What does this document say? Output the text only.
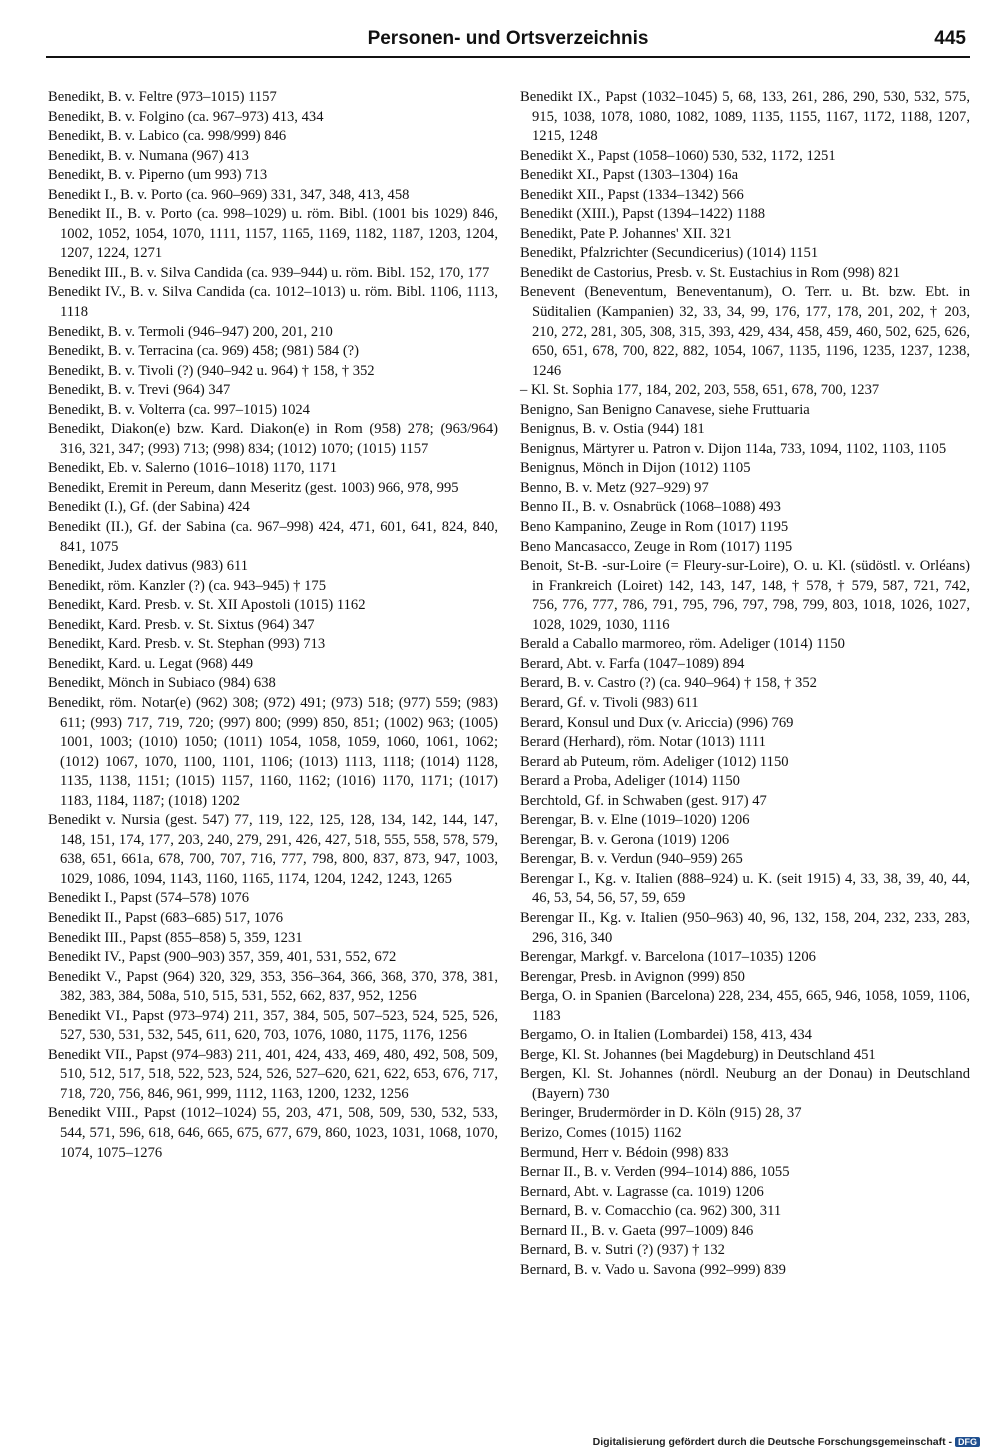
Personen- und Ortsverzeichnis	445

Benedikt, B. v. Feltre (973–1015) 1157

Benedikt, B. v. Folgino (ca. 967–973) 413, 434

Benedikt, B. v. Labico (ca. 998/999) 846

Benedikt, B. v. Numana (967) 413

Benedikt, B. v. Piperno (um 993) 713

Benedikt I., B. v. Porto (ca. 960–969) 331, 347, 348, 413, 458

Benedikt II., B. v. Porto (ca. 998–1029) u. röm. Bibl. (1001 bis 1029) 846, 1002, 1052, 1054, 1070, 1111, 1157, 1165, 1169, 1182, 1187, 1203, 1204, 1207, 1224, 1271

Benedikt III., B. v. Silva Candida (ca. 939–944) u. röm. Bibl. 152, 170, 177

Benedikt IV., B. v. Silva Candida (ca. 1012–1013) u. röm. Bibl. 1106, 1113, 1118

Benedikt, B. v. Termoli (946–947) 200, 201, 210

Benedikt, B. v. Terracina (ca. 969) 458; (981) 584 (?)

Benedikt, B. v. Tivoli (?) (940–942 u. 964) † 158, † 352

Benedikt, B. v. Trevi (964) 347

Benedikt, B. v. Volterra (ca. 997–1015) 1024

Benedikt, Diakon(e) bzw. Kard. Diakon(e) in Rom (958) 278; (963/964) 316, 321, 347; (993) 713; (998) 834; (1012) 1070; (1015) 1157

Benedikt, Eb. v. Salerno (1016–1018) 1170, 1171

Benedikt, Eremit in Pereum, dann Meseritz (gest. 1003) 966, 978, 995

Benedikt (I.), Gf. (der Sabina) 424

Benedikt (II.), Gf. der Sabina (ca. 967–998) 424, 471, 601, 641, 824, 840, 841, 1075

Benedikt, Judex dativus (983) 611

Benedikt, röm. Kanzler (?) (ca. 943–945) † 175

Benedikt, Kard. Presb. v. St. XII Apostoli (1015) 1162

Benedikt, Kard. Presb. v. St. Sixtus (964) 347

Benedikt, Kard. Presb. v. St. Stephan (993) 713

Benedikt, Kard. u. Legat (968) 449

Benedikt, Mönch in Subiaco (984) 638

Benedikt, röm. Notar(e) (962) 308; (972) 491; (973) 518; (977) 559; (983) 611; (993) 717, 719, 720; (997) 800; (999) 850, 851; (1002) 963; (1005) 1001, 1003; (1010) 1050; (1011) 1054, 1058, 1059, 1060, 1061, 1062; (1012) 1067, 1070, 1100, 1101, 1106; (1013) 1113, 1118; (1014) 1128, 1135, 1138, 1151; (1015) 1157, 1160, 1162; (1016) 1170, 1171; (1017) 1183, 1184, 1187; (1018) 1202

Benedikt v. Nursia (gest. 547) 77, 119, 122, 125, 128, 134, 142, 144, 147, 148, 151, 174, 177, 203, 240, 279, 291, 426, 427, 518, 555, 558, 578, 579, 638, 651, 661a, 678, 700, 707, 716, 777, 798, 800, 837, 873, 947, 1003, 1029, 1086, 1094, 1143, 1160, 1165, 1174, 1204, 1242, 1243, 1265

Benedikt I., Papst (574–578) 1076

Benedikt II., Papst (683–685) 517, 1076

Benedikt III., Papst (855–858) 5, 359, 1231

Benedikt IV., Papst (900–903) 357, 359, 401, 531, 552, 672

Benedikt V., Papst (964) 320, 329, 353, 356–364, 366, 368, 370, 378, 381, 382, 383, 384, 508a, 510, 515, 531, 552, 662, 837, 952, 1256

Benedikt VI., Papst (973–974) 211, 357, 384, 505, 507–523, 524, 525, 526, 527, 530, 531, 532, 545, 611, 620, 703, 1076, 1080, 1175, 1176, 1256

Benedikt VII., Papst (974–983) 211, 401, 424, 433, 469, 480, 492, 508, 509, 510, 512, 517, 518, 522, 523, 524, 526, 527–620, 621, 622, 653, 676, 717, 718, 720, 756, 846, 961, 999, 1112, 1163, 1200, 1232, 1256

Benedikt VIII., Papst (1012–1024) 55, 203, 471, 508, 509, 530, 532, 533, 544, 571, 596, 618, 646, 665, 675, 677, 679, 860, 1023, 1031, 1068, 1070, 1074, 1075–1276

Benedikt IX., Papst (1032–1045) 5, 68, 133, 261, 286, 290, 530, 532, 575, 915, 1038, 1078, 1080, 1082, 1089, 1135, 1155, 1167, 1172, 1188, 1207, 1215, 1248

Benedikt X., Papst (1058–1060) 530, 532, 1172, 1251

Benedikt XI., Papst (1303–1304) 16a

Benedikt XII., Papst (1334–1342) 566

Benedikt (XIII.), Papst (1394–1422) 1188

Benedikt, Pate P. Johannes' XII. 321

Benedikt, Pfalzrichter (Secundicerius) (1014) 1151

Benedikt de Castorius, Presb. v. St. Eustachius in Rom (998) 821

Benevent (Beneventum, Beneventanum), O. Terr. u. Bt. bzw. Ebt. in Süditalien (Kampanien) 32, 33, 34, 99, 176, 177, 178, 201, 202, † 203, 210, 272, 281, 305, 308, 315, 393, 429, 434, 458, 459, 460, 502, 625, 626, 650, 651, 678, 700, 822, 882, 1054, 1067, 1135, 1196, 1235, 1237, 1238, 1246

– Kl. St. Sophia 177, 184, 202, 203, 558, 651, 678, 700, 1237

Benigno, San Benigno Canavese, siehe Fruttuaria

Benignus, B. v. Ostia (944) 181

Benignus, Märtyrer u. Patron v. Dijon 114a, 733, 1094, 1102, 1103, 1105

Benignus, Mönch in Dijon (1012) 1105

Benno, B. v. Metz (927–929) 97

Benno II., B. v. Osnabrück (1068–1088) 493

Beno Kampanino, Zeuge in Rom (1017) 1195

Beno Mancasacco, Zeuge in Rom (1017) 1195

Benoit, St-B. -sur-Loire (= Fleury-sur-Loire), O. u. Kl. (südöstl. v. Orléans) in Frankreich (Loiret) 142, 143, 147, 148, † 578, † 579, 587, 721, 742, 756, 776, 777, 786, 791, 795, 796, 797, 798, 799, 803, 1018, 1026, 1027, 1028, 1029, 1030, 1116

Berald a Caballo marmoreo, röm. Adeliger (1014) 1150

Berard, Abt. v. Farfa (1047–1089) 894

Berard, B. v. Castro (?) (ca. 940–964) † 158, † 352

Berard, Gf. v. Tivoli (983) 611

Berard, Konsul und Dux (v. Ariccia) (996) 769

Berard (Herhard), röm. Notar (1013) 1111

Berard ab Puteum, röm. Adeliger (1012) 1150

Berard a Proba, Adeliger (1014) 1150

Berchtold, Gf. in Schwaben (gest. 917) 47

Berengar, B. v. Elne (1019–1020) 1206

Berengar, B. v. Gerona (1019) 1206

Berengar, B. v. Verdun (940–959) 265

Berengar I., Kg. v. Italien (888–924) u. K. (seit 1915) 4, 33, 38, 39, 40, 44, 46, 53, 54, 56, 57, 59, 659

Berengar II., Kg. v. Italien (950–963) 40, 96, 132, 158, 204, 232, 233, 283, 296, 316, 340

Berengar, Markgf. v. Barcelona (1017–1035) 1206

Berengar, Presb. in Avignon (999) 850

Berga, O. in Spanien (Barcelona) 228, 234, 455, 665, 946, 1058, 1059, 1106, 1183

Bergamo, O. in Italien (Lombardei) 158, 413, 434

Berge, Kl. St. Johannes (bei Magdeburg) in Deutschland 451

Bergen, Kl. St. Johannes (nördl. Neuburg an der Donau) in Deutschland (Bayern) 730

Beringer, Brudermörder in D. Köln (915) 28, 37

Berizo, Comes (1015) 1162

Bermund, Herr v. Bédoin (998) 833

Bernar II., B. v. Verden (994–1014) 886, 1055

Bernard, Abt. v. Lagrasse (ca. 1019) 1206

Bernard, B. v. Comacchio (ca. 962) 300, 311

Bernard II., B. v. Gaeta (997–1009) 846

Bernard, B. v. Sutri (?) (937) † 132

Bernard, B. v. Vado u. Savona (992–999) 839

Digitalisierung gefördert durch die Deutsche Forschungsgemeinschaft - DFG
